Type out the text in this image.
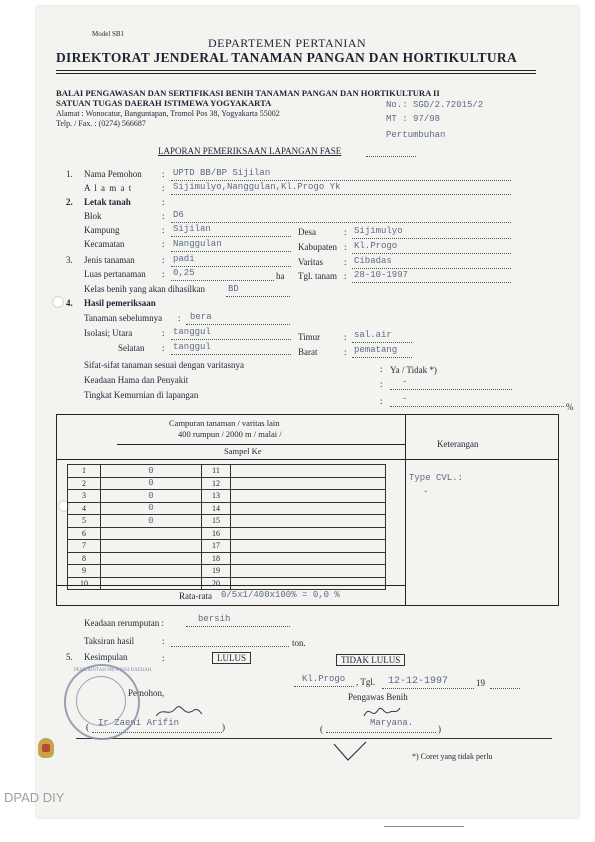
Model SB1
DEPARTEMEN PERTANIAN
DIREKTORAT JENDERAL TANAMAN PANGAN DAN HORTIKULTURA
BALAI PENGAWASAN DAN SERTIFIKASI BENIH TANAMAN PANGAN DAN HORTIKULTURA II
SATUAN TUGAS DAERAH ISTIMEWA YOGYAKARTA
Alamat : Wonocatur, Banguntapan, Tromol Pos 38, Yogyakarta 55002
Telp. / Fax. : (0274) 566687
No.: SGD/2.72015/2
MT : 97/98
Pertumbuhan
LAPORAN PEMERIKSAAN LAPANGAN FASE
1. Nama Pemohon : UPTD BB/BP Sijilan
A l a m a t	: Sijimulyo,Nanggulan,Kl.Progo Yk
2. Letak tanah	:
Blok	: D6
Kampung	: Sijilan	Desa	: Sijimulyo
Kecamatan	: Nanggulan	Kabupaten : Kl.Progo
3. Jenis tanaman	: padi	Varitas : Cibadas
Luas pertanaman : 0,25	ha Tgl. tanam : 28-10-1997
Kelas benih yang akan dihasilkan	BD
4. Hasil pemeriksaan
Tanaman sebelumnya : bera
Isolasi; Utara	: tanggul	Timur	: sal.air
Selatan : tanggul	Barat	: pematang
Sifat-sifat tanaman sesuai dengan varitasnya	: Ya / Tidak *)
Keadaan Hama dan Penyakit	: -
Tingkat Kemurnian di lapangan
: -
%
Campuran tanaman / varitas lain
400 rumpun / 2000 m / malai /
Sampel Ke
Keterangan
Type CVL.:
-
1	0	11	
2	0	12	
3	0	13	
4	0	14	
5	0	15	
6		16	
7		17	
8		18	
9		19	
10		20	
Rata-rata 0/5x1/400x100% = 0,0 %
Keadaan rerumputan :	bersih
Taksiran hasil	:	ton.
5. Kesimpulan	:	LULUS	TIDAK LULUS
Kl.Progo , Tgl. 12-12-1997	19
Pemohon,	Pengawas Benih
( Ir Zaeni Arifin	)	(
Maryana.
)
*) Coret yang tidak perlu
PEMERINTAH PROPINSI DAERAH
DPAD DIY
